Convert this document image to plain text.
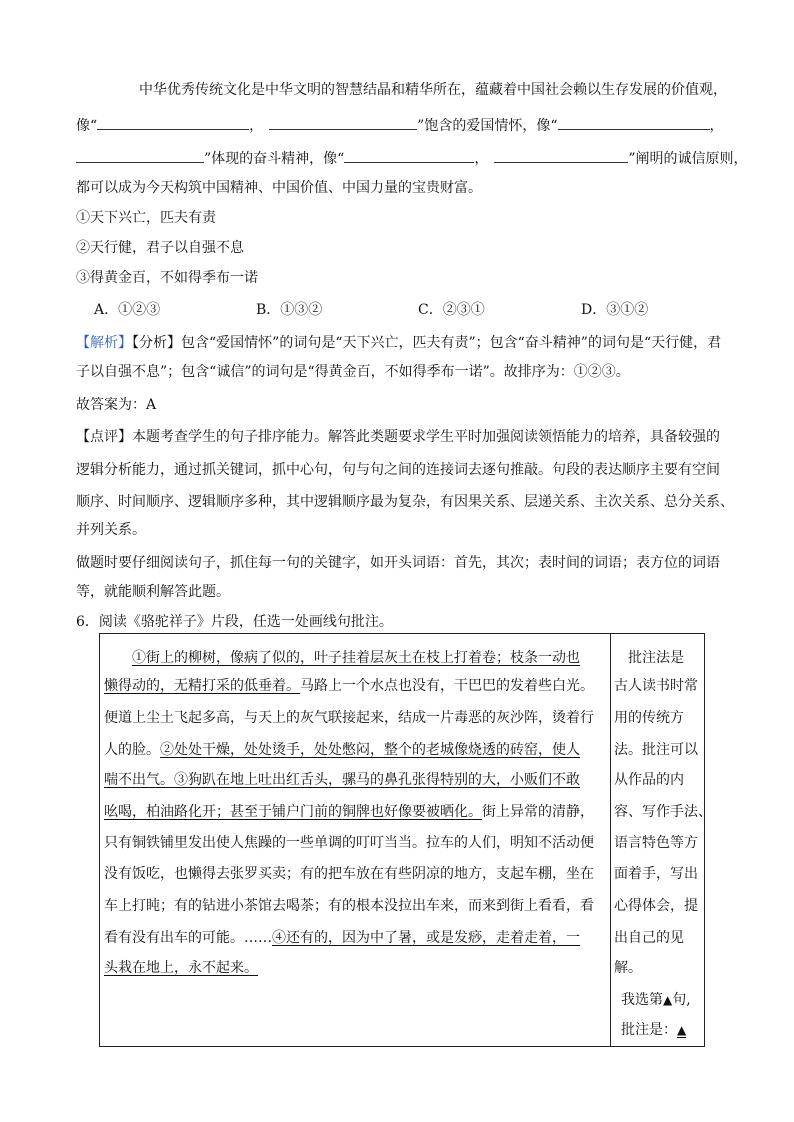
中华优秀传统文化是中华文明的智慧结晶和精华所在，蕴藏着中国社会赖以生存发展的价值观，
像“	，	”饱含的爱国情怀，像“	，
”体现的奋斗精神，像“	，	”阐明的诚信原则，
都可以成为今天构筑中国精神、中国价值、中国力量的宝贵财富。
①天下兴亡，匹夫有责
②天行健，君子以自强不息
③得黄金百，不如得季布一诺
A．①②③	B．①③②	C．②③①	D．③①②
【解析】【分析】包含“爱国情怀”的词句是“天下兴亡，匹夫有责”；包含“奋斗精神”的词句是“天行健，君
子以自强不息”；包含“诚信”的词句是“得黄金百，不如得季布一诺”。故排序为：①②③。
故答案为：A
【点评】本题考查学生的句子排序能力。解答此类题要求学生平时加强阅读领悟能力的培养，具备较强的
逻辑分析能力，通过抓关键词，抓中心句，句与句之间的连接词去逐句推敲。句段的表达顺序主要有空间
顺序、时间顺序、逻辑顺序多种，其中逻辑顺序最为复杂，有因果关系、层递关系、主次关系、总分关系、
并列关系。
做题时要仔细阅读句子，抓住每一句的关键字，如开头词语：首先，其次；表时间的词语；表方位的词语
等，就能顺利解答此题。
6．阅读《骆驼祥子》片段，任选一处画线句批注。
①街上的柳树，像病了似的，叶子挂着层灰土在枝上打着卷；枝条一动也
懒得动的，无精打采的低垂着。马路上一个水点也没有，干巴巴的发着些白光。
便道上尘土飞起多高，与天上的灰气联接起来，结成一片毒恶的灰沙阵，烫着行
人的脸。②处处干燥，处处烫手，处处憋闷，整个的老城像烧透的砖窑，使人
喘不出气。③狗趴在地上吐出红舌头，骡马的鼻孔张得特别的大，小贩们不敢
吆喝，柏油路化开；甚至于铺户门前的铜牌也好像要被晒化。街上异常的清静，
只有铜铁铺里发出使人焦躁的一些单调的叮叮当当。拉车的人们，明知不活动便
没有饭吃，也懒得去张罗买卖；有的把车放在有些阴凉的地方，支起车棚，坐在
车上打盹；有的钻进小茶馆去喝茶；有的根本没拉出车来，而来到街上看看，看
看有没有出车的可能。……④还有的，因为中了暑，或是发痧，走着走着，一
头栽在地上，永不起来。
批注法是
古人读书时常
用的传统方
法。批注可以
从作品的内
容、写作手法、
语言特色等方
面着手，写出
心得体会，提
出自己的见
解。
我选第▲句,
批注是：▲
